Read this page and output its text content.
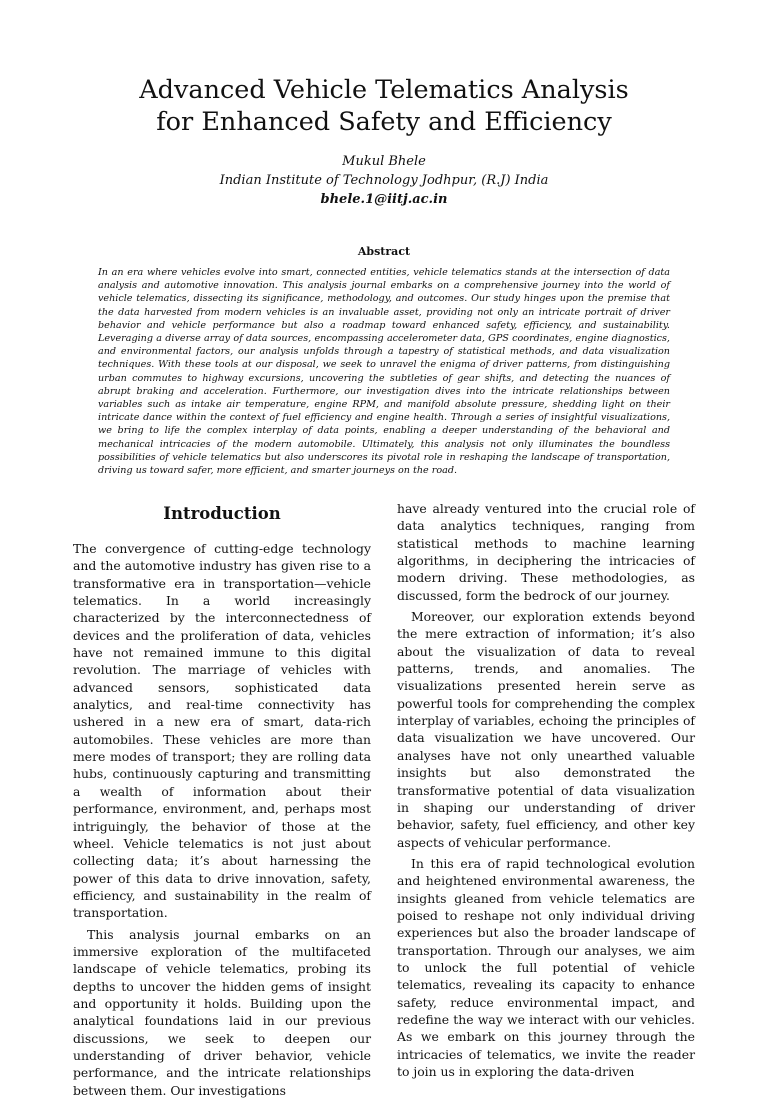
Advanced Vehicle Telematics Analysis
for Enhanced Safety and Efficiency
Mukul Bhele
Indian Institute of Technology Jodhpur, (R.J) India
bhele.1@iitj.ac.in
Abstract

In an era where vehicles evolve into smart, connected entities, vehicle telematics stands at the intersection of data analysis and automotive innovation. This analysis journal embarks on a comprehensive journey into the world of vehicle telematics, dissecting its significance, methodology, and outcomes. Our study hinges upon the premise that the data harvested from modern vehicles is an invaluable asset, providing not only an intricate portrait of driver behavior and vehicle performance but also a roadmap toward enhanced safety, efficiency, and sustainability. Leveraging a diverse array of data sources, encompassing accelerometer data, GPS coordinates, engine diagnostics, and environmental factors, our analysis unfolds through a tapestry of statistical methods, and data visualization techniques. With these tools at our disposal, we seek to unravel the enigma of driver patterns, from distinguishing urban commutes to highway excursions, uncovering the subtleties of gear shifts, and detecting the nuances of abrupt braking and acceleration. Furthermore, our investigation dives into the intricate relationships between variables such as intake air temperature, engine RPM, and manifold absolute pressure, shedding light on their intricate dance within the context of fuel efficiency and engine health. Through a series of insightful visualizations, we bring to life the complex interplay of data points, enabling a deeper understanding of the behavioral and mechanical intricacies of the modern automobile. Ultimately, this analysis not only illuminates the boundless possibilities of vehicle telematics but also underscores its pivotal role in reshaping the landscape of transportation, driving us toward safer, more efficient, and smarter journeys on the road.

Introduction

The convergence of cutting-edge technology and the automotive industry has given rise to a transformative era in transportation—vehicle telematics. In a world increasingly characterized by the interconnectedness of devices and the proliferation of data, vehicles have not remained immune to this digital revolution. The marriage of vehicles with advanced sensors, sophisticated data analytics, and real-time connectivity has ushered in a new era of smart, data-rich automobiles. These vehicles are more than mere modes of transport; they are rolling data hubs, continuously capturing and transmitting a wealth of information about their performance, environment, and, perhaps most intriguingly, the behavior of those at the wheel. Vehicle telematics is not just about collecting data; it’s about harnessing the power of this data to drive innovation, safety, efficiency, and sustainability in the realm of transportation.

This analysis journal embarks on an immersive exploration of the multifaceted landscape of vehicle telematics, probing its depths to uncover the hidden gems of insight and opportunity it holds. Building upon the analytical foundations laid in our previous discussions, we seek to deepen our understanding of driver behavior, vehicle performance, and the intricate relationships between them. Our investigations

have already ventured into the crucial role of data analytics techniques, ranging from statistical methods to machine learning algorithms, in deciphering the intricacies of modern driving. These methodologies, as discussed, form the bedrock of our journey.

Moreover, our exploration extends beyond the mere extraction of information; it’s also about the visualization of data to reveal patterns, trends, and anomalies. The visualizations presented herein serve as powerful tools for comprehending the complex interplay of variables, echoing the principles of data visualization we have uncovered. Our analyses have not only unearthed valuable insights but also demonstrated the transformative potential of data visualization in shaping our understanding of driver behavior, safety, fuel efficiency, and other key aspects of vehicular performance.

In this era of rapid technological evolution and heightened environmental awareness, the insights gleaned from vehicle telematics are poised to reshape not only individual driving experiences but also the broader landscape of transportation. Through our analyses, we aim to unlock the full potential of vehicle telematics, revealing its capacity to enhance safety, reduce environmental impact, and redefine the way we interact with our vehicles. As we embark on this journey through the intricacies of telematics, we invite the reader to join us in exploring the data-driven
